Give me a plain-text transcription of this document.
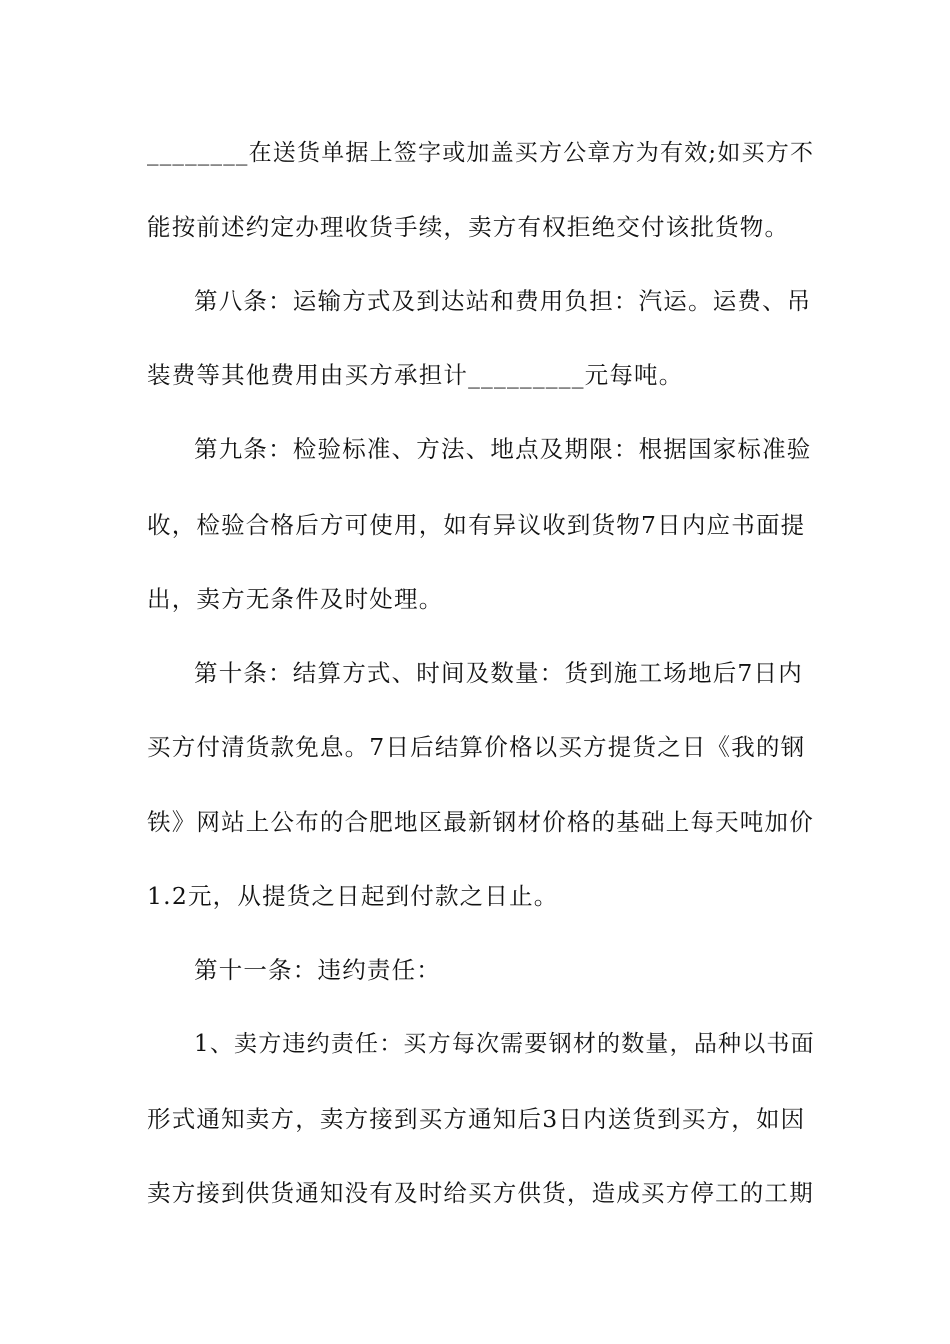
________在送货单据上签字或加盖买方公章方为有效;如买方不
能按前述约定办理收货手续，卖方有权拒绝交付该批货物。
第八条：运输方式及到达站和费用负担：汽运。运费、吊
装费等其他费用由买方承担计_________元每吨。
第九条：检验标准、方法、地点及期限：根据国家标准验
收，检验合格后方可使用，如有异议收到货物7日内应书面提
出，卖方无条件及时处理。
第十条：结算方式、时间及数量：货到施工场地后7日内
买方付清货款免息。7日后结算价格以买方提货之日《我的钢
铁》网站上公布的合肥地区最新钢材价格的基础上每天吨加价
1.2元，从提货之日起到付款之日止。
第十一条：违约责任：
1、卖方违约责任：买方每次需要钢材的数量，品种以书面
形式通知卖方，卖方接到买方通知后3日内送货到买方，如因
卖方接到供货通知没有及时给买方供货，造成买方停工的工期
